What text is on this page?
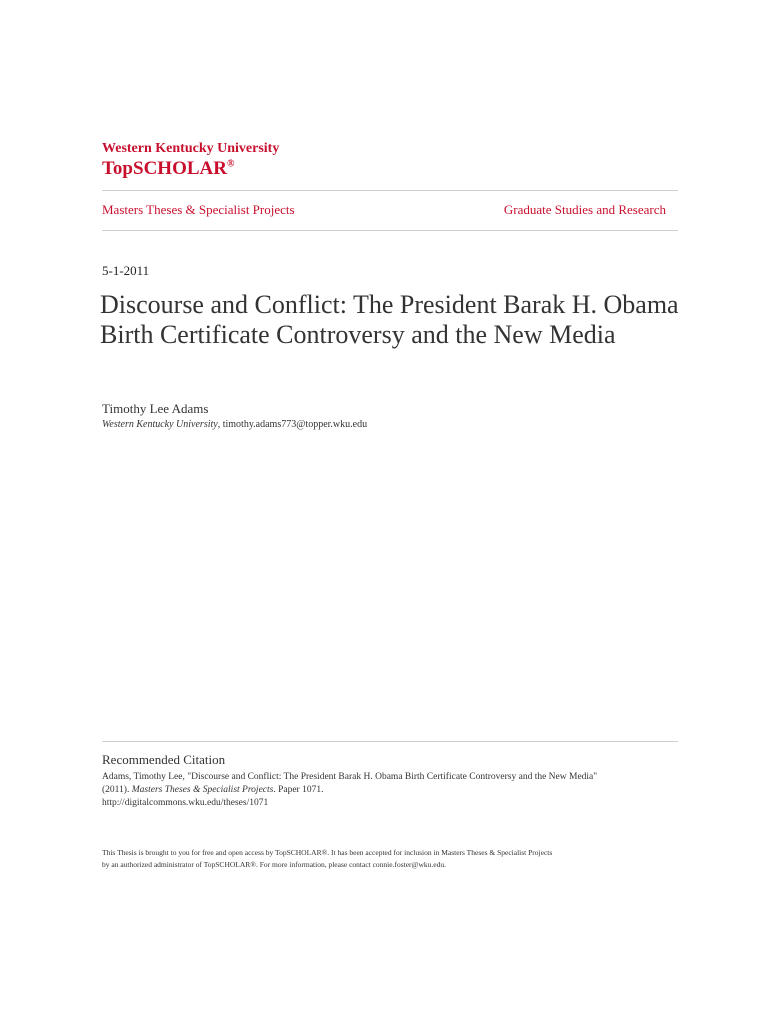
Western Kentucky University
TopSCHOLAR®
Masters Theses & Specialist Projects	Graduate Studies and Research
5-1-2011
Discourse and Conflict: The President Barak H. Obama Birth Certificate Controversy and the New Media
Timothy Lee Adams
Western Kentucky University, timothy.adams773@topper.wku.edu
Recommended Citation
Adams, Timothy Lee, "Discourse and Conflict: The President Barak H. Obama Birth Certificate Controversy and the New Media"
(2011). Masters Theses & Specialist Projects. Paper 1071.
http://digitalcommons.wku.edu/theses/1071
This Thesis is brought to you for free and open access by TopSCHOLAR®. It has been accepted for inclusion in Masters Theses & Specialist Projects
by an authorized administrator of TopSCHOLAR®. For more information, please contact connie.foster@wku.edu.
